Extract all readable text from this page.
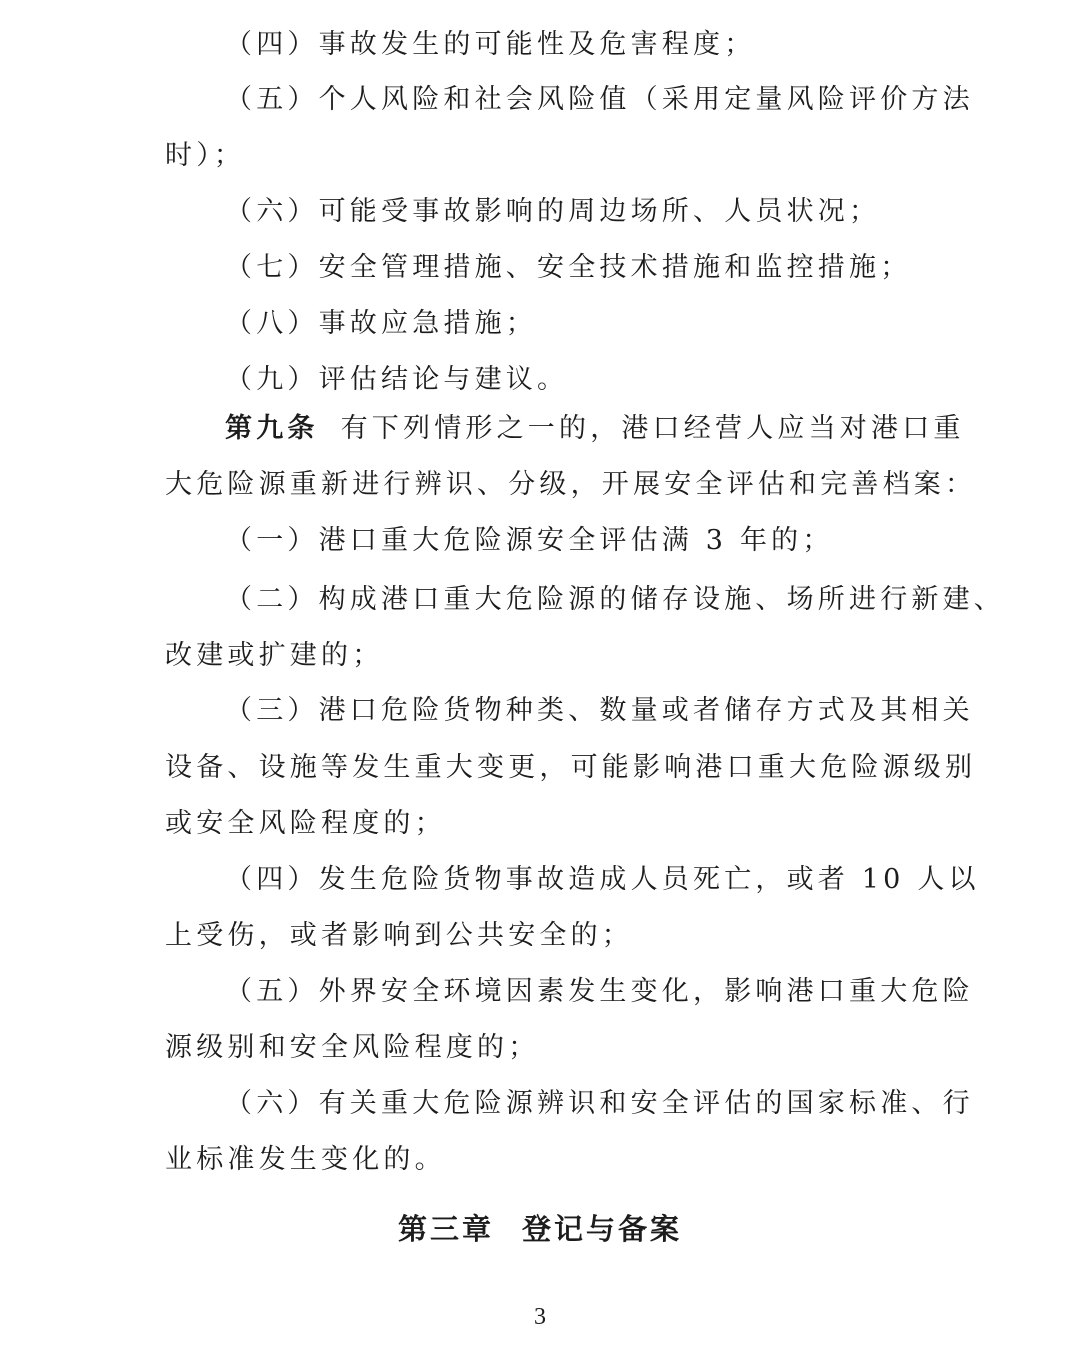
（四）事故发生的可能性及危害程度；
（五）个人风险和社会风险值（采用定量风险评价方法
时）；
（六）可能受事故影响的周边场所、人员状况；
（七）安全管理措施、安全技术措施和监控措施；
（八）事故应急措施；
（九）评估结论与建议。
第九条 有下列情形之一的，港口经营人应当对港口重
大危险源重新进行辨识、分级，开展安全评估和完善档案：
（一）港口重大危险源安全评估满 3 年的；
（二）构成港口重大危险源的储存设施、场所进行新建、
改建或扩建的；
（三）港口危险货物种类、数量或者储存方式及其相关
设备、设施等发生重大变更，可能影响港口重大危险源级别
或安全风险程度的；
（四）发生危险货物事故造成人员死亡，或者 10 人以
上受伤，或者影响到公共安全的；
（五）外界安全环境因素发生变化，影响港口重大危险
源级别和安全风险程度的；
（六）有关重大危险源辨识和安全评估的国家标准、行
业标准发生变化的。
第三章 登记与备案
3
